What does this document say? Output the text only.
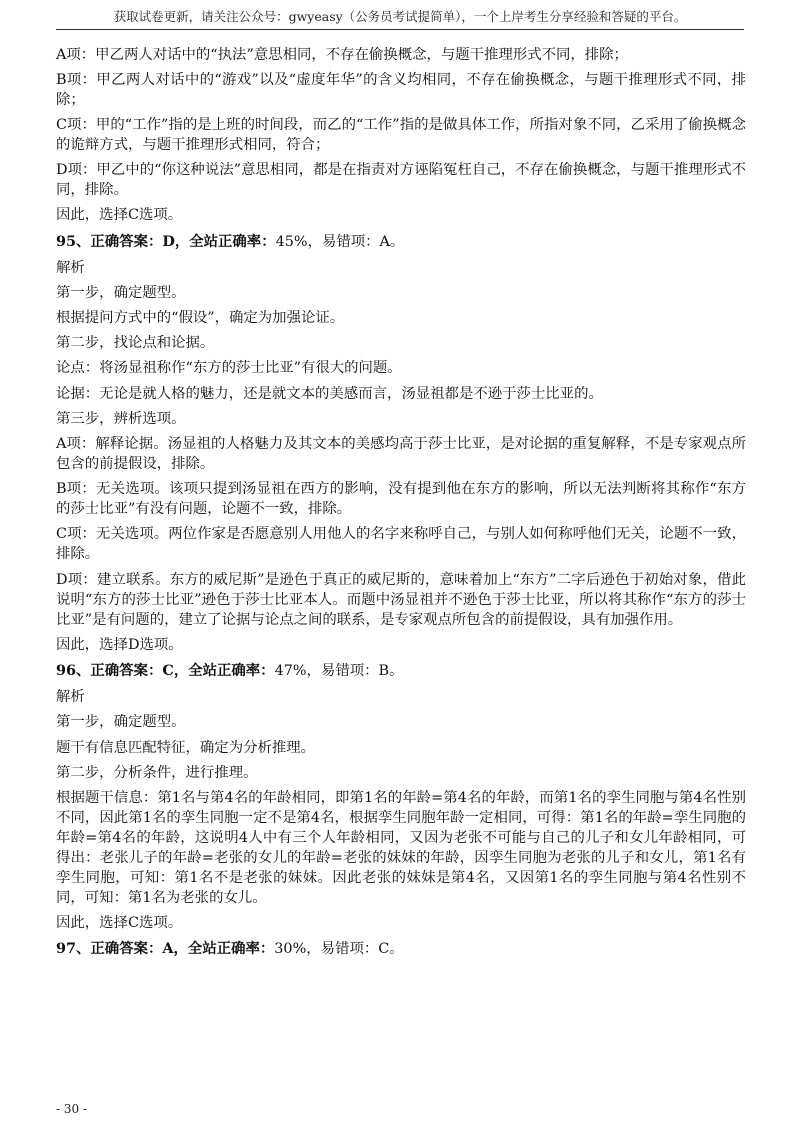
获取试卷更新，请关注公众号：gwyeasy（公务员考试提简单），一个上岸考生分享经验和答疑的平台。
A项：甲乙两人对话中的“执法”意思相同，不存在偷换概念，与题干推理形式不同，排除；
B项：甲乙两人对话中的“游戏”以及“虚度年华”的含义均相同，不存在偷换概念，与题干推理形式不同，排除；
C项：甲的“工作”指的是上班的时间段，而乙的“工作”指的是做具体工作，所指对象不同，乙采用了偷换概念的诡辩方式，与题干推理形式相同，符合；
D项：甲乙中的“你这种说法”意思相同，都是在指责对方诬陷冤枉自己，不存在偷换概念，与题干推理形式不同，排除。
因此，选择C选项。
95、正确答案：D，全站正确率：45%，易错项：A。
解析
第一步，确定题型。
根据提问方式中的“假设”，确定为加强论证。
第二步，找论点和论据。
论点：将汤显祖称作“东方的莎士比亚”有很大的问题。
论据：无论是就人格的魅力，还是就文本的美感而言，汤显祖都是不逊于莎士比亚的。
第三步，辨析选项。
A项：解释论据。汤显祖的人格魅力及其文本的美感均高于莎士比亚，是对论据的重复解释，不是专家观点所包含的前提假设，排除。
B项：无关选项。该项只提到汤显祖在西方的影响，没有提到他在东方的影响，所以无法判断将其称作“东方的莎士比亚”有没有问题，论题不一致，排除。
C项：无关选项。两位作家是否愿意别人用他人的名字来称呼自己，与别人如何称呼他们无关，论题不一致，排除。
D项：建立联系。东方的威尼斯”是逊色于真正的威尼斯的，意味着加上“东方”二字后逊色于初始对象，借此说明“东方的莎士比亚”逊色于莎士比亚本人。而题中汤显祖并不逊色于莎士比亚，所以将其称作“东方的莎士比亚”是有问题的，建立了论据与论点之间的联系，是专家观点所包含的前提假设，具有加强作用。
因此，选择D选项。
96、正确答案：C，全站正确率：47%，易错项：B。
解析
第一步，确定题型。
题干有信息匹配特征，确定为分析推理。
第二步，分析条件，进行推理。
根据题干信息：第1名与第4名的年龄相同，即第1名的年龄=第4名的年龄，而第1名的孪生同胞与第4名性别不同，因此第1名的孪生同胞一定不是第4名，根据孪生同胞年龄一定相同，可得：第1名的年龄=孪生同胞的年龄=第4名的年龄，这说明4人中有三个人年龄相同，又因为老张不可能与自己的儿子和女儿年龄相同，可得出：老张儿子的年龄=老张的女儿的年龄=老张的妹妹的年龄，因孪生同胞为老张的儿子和女儿，第1名有孪生同胞，可知：第1名不是老张的妹妹。因此老张的妹妹是第4名，又因第1名的孪生同胞与第4名性别不同，可知：第1名为老张的女儿。
因此，选择C选项。
97、正确答案：A，全站正确率：30%，易错项：C。
- 30 -
